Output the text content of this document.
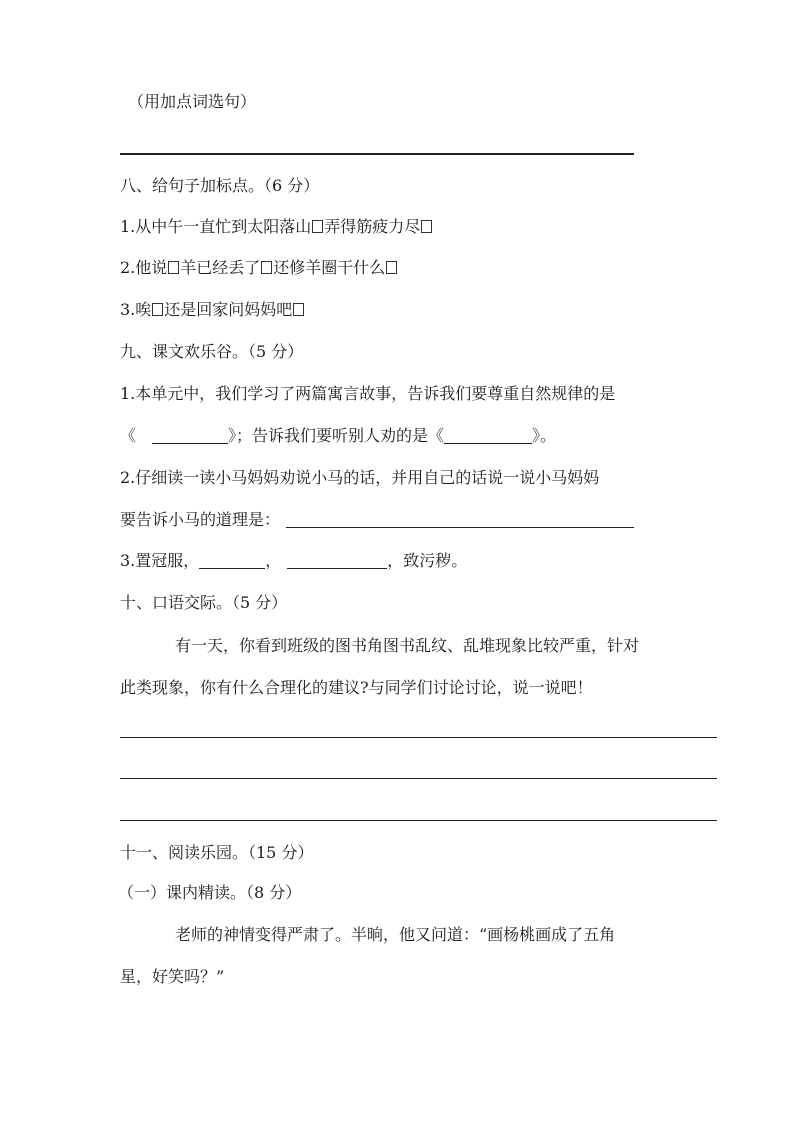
（用加点词选句）
八、给句子加标点。（6 分）
1.从中午一直忙到太阳落山 弄得筋疲力尽
2.他说 羊已经丢了 还修羊圈干什么
3.唉 还是回家问妈妈吧
九、课文欢乐谷。（5 分）
1.本单元中，我们学习了两篇寓言故事，告诉我们要尊重自然规律的是
《	》；告诉我们要听别人劝的是《	》。
2.仔细读一读小马妈妈劝说小马的话，并用自己的话说一说小马妈妈
要告诉小马的道理是：
3.置冠服，	，	，致污秽。
十、口语交际。（5 分）
有一天，你看到班级的图书角图书乱纹、乱堆现象比较严重，针对
此类现象，你有什么合理化的建议?与同学们讨论讨论，说一说吧！
十一、阅读乐园。（15 分）
（一）课内精读。（8 分）
老师的神情变得严肃了。半晌，他又问道：“画杨桃画成了五角
星，好笑吗？”
